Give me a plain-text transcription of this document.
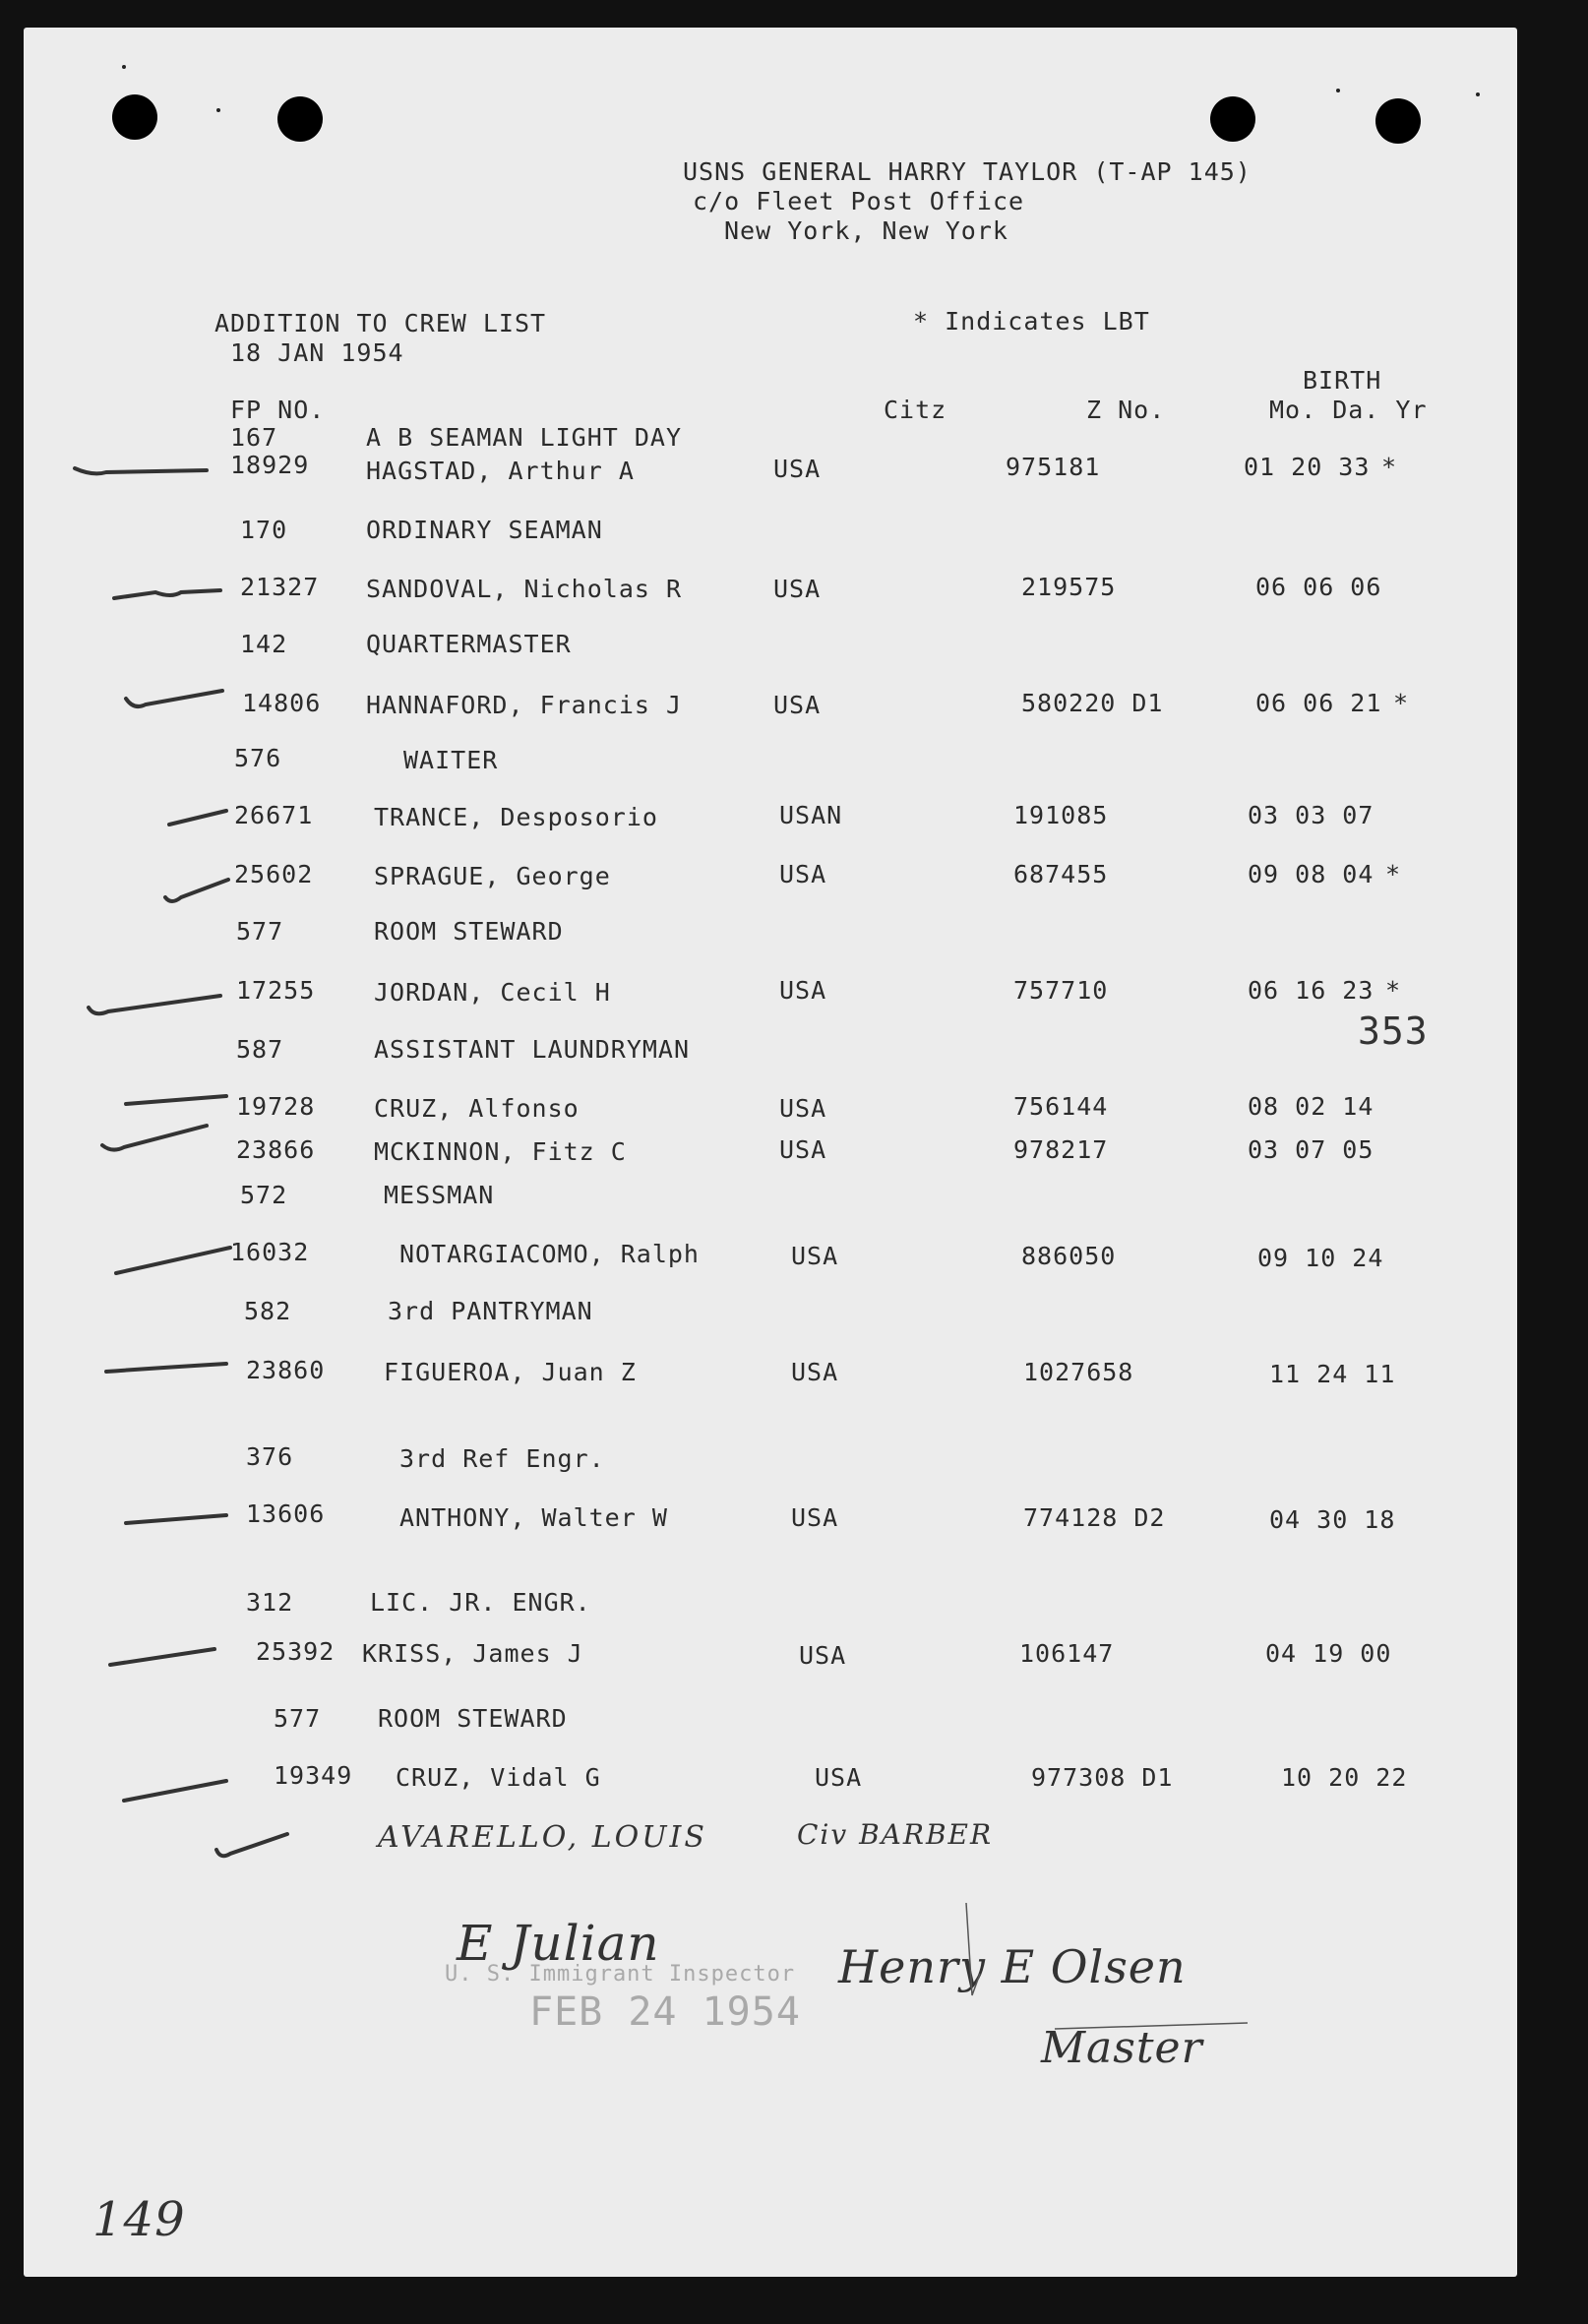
USNS GENERAL HARRY TAYLOR (T-AP 145)
c/o Fleet Post Office
New York, New York
ADDITION TO CREW LIST
18 JAN 1954
* Indicates LBT
FP NO.	Citz	Z No.
BIRTH
Mo. Da. Yr
167	A B SEAMAN LIGHT DAY
18929 HAGSTAD, Arthur A	USA	975181	01 20 33 *
170	ORDINARY SEAMAN
21327 SANDOVAL, Nicholas R	USA	219575	06 06 06
142	QUARTERMASTER
14806 HANNAFORD, Francis J	USA	580220 D1	06 06 21 *
576	WAITER
26671 TRANCE, Desposorio	USAN	191085	03 03 07
25602 SPRAGUE, George	USA	687455	09 08 04 *
577	ROOM STEWARD
17255 JORDAN, Cecil H	USA	757710	06 16 23 *
353
587	ASSISTANT LAUNDRYMAN
19728 CRUZ, Alfonso	USA	756144	08 02 14
23866 MCKINNON, Fitz C	USA	978217	03 07 05
572	MESSMAN
16032	NOTARGIACOMO, Ralph	USA	886050	09 10 24
582	3rd PANTRYMAN
23860 FIGUEROA, Juan Z	USA	1027658	11 24 11
376	3rd Ref Engr.
13606	ANTHONY, Walter W	USA	774128 D2	04 30 18
312	LIC. JR. ENGR.
25392 KRISS, James J	USA	106147	04 19 00
577 ROOM STEWARD
19349 CRUZ, Vidal G	USA	977308 D1	10 20 22
AVARELLO, LOUIS	Civ BARBER
U. S. Immigrant Inspector
FEB 24 1954
E Julian	Henry E Olsen
Master
149
